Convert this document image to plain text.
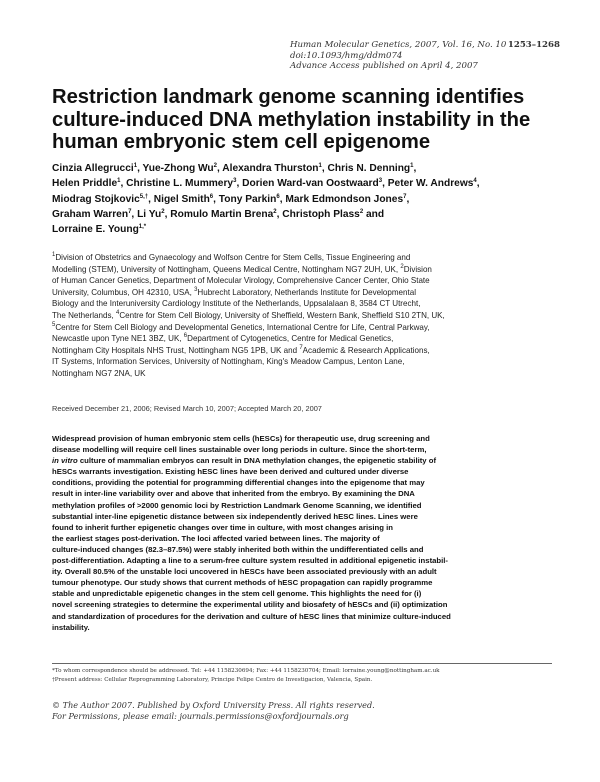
Human Molecular Genetics, 2007, Vol. 16, No. 10 1253–1268
doi:10.1093/hmg/ddm074
Advance Access published on April 4, 2007
Restriction landmark genome scanning identifies
culture-induced DNA methylation instability in the
human embryonic stem cell epigenome
Cinzia Allegrucci$^1$, Yue-Zhong Wu$^2$, Alexandra Thurston$^1$, Chris N. Denning$^1$,
Helen Priddle$^1$, Christine L. Mummery$^3$, Dorien Ward-van Oostwaard$^3$, Peter W. Andrews$^4$,
Miodrag Stojkovic$^{5,\dagger}$, Nigel Smith$^6$, Tony Parkin$^6$, Mark Edmondson Jones$^7$,
Graham Warren$^7$, Li Yu$^2$, Romulo Martin Brena$^2$, Christoph Plass$^2$ and
Lorraine E. Young$^{1,*}$
$^1$Division of Obstetrics and Gynaecology and Wolfson Centre for Stem Cells, Tissue Engineering and
Modelling (STEM), University of Nottingham, Queens Medical Centre, Nottingham NG7 2UH, UK, $^2$Division
of Human Cancer Genetics, Department of Molecular Virology, Comprehensive Cancer Center, Ohio State
University, Columbus, OH 42310, USA, $^3$Hubrecht Laboratory, Netherlands Institute for Developmental
Biology and the Interuniversity Cardiology Institute of the Netherlands, Uppsalalaan 8, 3584 CT Utrecht,
The Netherlands, $^4$Centre for Stem Cell Biology, University of Sheffield, Western Bank, Sheffield S10 2TN, UK,
$^5$Centre for Stem Cell Biology and Developmental Genetics, International Centre for Life, Central Parkway,
Newcastle upon Tyne NE1 3BZ, UK, $^6$Department of Cytogenetics, Centre for Medical Genetics,
Nottingham City Hospitals NHS Trust, Nottingham NG5 1PB, UK and $^7$Academic & Research Applications,
IT Systems, Information Services, University of Nottingham, King's Meadow Campus, Lenton Lane,
Nottingham NG7 2NA, UK

Received December 21, 2006; Revised March 10, 2007; Accepted March 20, 2007

Widespread provision of human embryonic stem cells (hESCs) for therapeutic use, drug screening and
disease modelling will require cell lines sustainable over long periods in culture. Since the short-term,
in vitro culture of mammalian embryos can result in DNA methylation changes, the epigenetic stability of
hESCs warrants investigation. Existing hESC lines have been derived and cultured under diverse
conditions, providing the potential for programming differential changes into the epigenome that may
result in inter-line variability over and above that inherited from the embryo. By examining the DNA
methylation profiles of >2000 genomic loci by Restriction Landmark Genome Scanning, we identified
substantial inter-line epigenetic distance between six independently derived hESC lines. Lines were
found to inherit further epigenetic changes over time in culture, with most changes arising in
the earliest stages post-derivation. The loci affected varied between lines. The majority of
culture-induced changes (82.3–87.5%) were stably inherited both within the undifferentiated cells and
post-differentiation. Adapting a line to a serum-free culture system resulted in additional epigenetic instabil-
ity. Overall 80.5% of the unstable loci uncovered in hESCs have been associated previously with an adult
tumour phenotype. Our study shows that current methods of hESC propagation can rapidly programme
stable and unpredictable epigenetic changes in the stem cell genome. This highlights the need for (i)
novel screening strategies to determine the experimental utility and biosafety of hESCs and (ii) optimization
and standardization of procedures for the derivation and culture of hESC lines that minimize culture-induced
instability.
*To whom correspondence should be addressed. Tel: +44 1158230694; Fax: +44 1158230704; Email: lorraine.young@nottingham.ac.uk
†Present address: Cellular Reprogramming Laboratory, Principe Felipe Centro de Investigacion, Valencia, Spain.
© The Author 2007. Published by Oxford University Press. All rights reserved.
For Permissions, please email: journals.permissions@oxfordjournals.org
